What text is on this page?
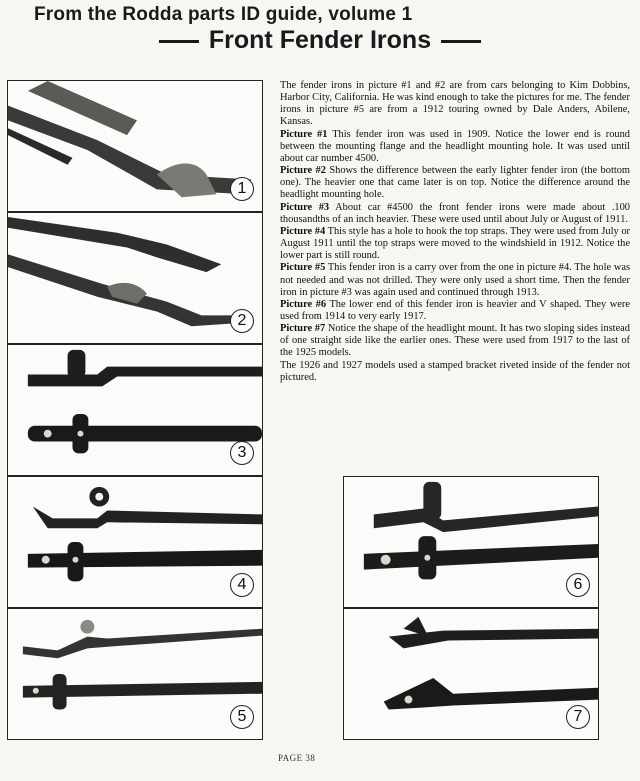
From the Rodda parts ID guide, volume 1
Front Fender Irons
1
2
3
4
5
6
7

The fender irons in picture #1 and #2 are from cars belonging to Kim Dobbins, Harbor City, California. He was kind enough to take the pictures for me. The fender irons in picture #5 are from a 1912 touring owned by Dale Anders, Abilene, Kansas.

Picture #1 This fender iron was used in 1909. Notice the lower end is round between the mounting flange and the headlight mounting hole. It was used until about car number 4500.

Picture #2 Shows the difference between the early lighter fender iron (the bottom one). The heavier one that came later is on top. Notice the difference around the headlight mounting hole.

Picture #3 About car #4500 the front fender irons were made about .100 thousandths of an inch heavier. These were used until about July or August of 1911.

Picture #4 This style has a hole to hook the top straps. They were used from July or August 1911 until the top straps were moved to the windshield in 1912. Notice the lower part is still round.

Picture #5 This fender iron is a carry over from the one in picture #4. The hole was not needed and was not drilled. They were only used a short time. Then the fender iron in picture #3 was again used and continued through 1913.

Picture #6 The lower end of this fender iron is heavier and V shaped. They were used from 1914 to very early 1917.

Picture #7 Notice the shape of the headlight mount. It has two sloping sides instead of one straight side like the earlier ones. These were used from 1917 to the last of the 1925 models.

The 1926 and 1927 models used a stamped bracket riveted inside of the fender not pictured.

PAGE 38
